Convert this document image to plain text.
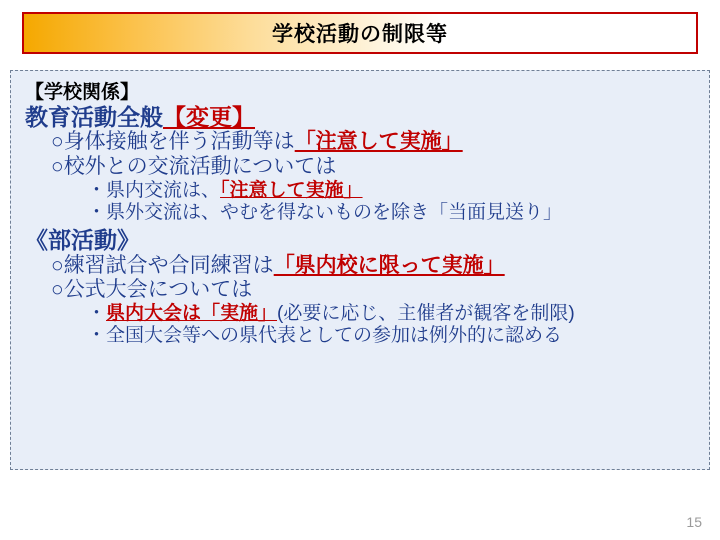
学校活動の制限等
【学校関係】
教育活動全般【変更】
○身体接触を伴う活動等は「注意して実施」
○校外との交流活動については
・県内交流は、「注意して実施」
・県外交流は、やむを得ないものを除き「当面見送り」
《部活動》
○練習試合や合同練習は「県内校に限って実施」
○公式大会については
・県内大会は「実施」(必要に応じ、主催者が観客を制限)
・全国大会等への県代表としての参加は例外的に認める
15
